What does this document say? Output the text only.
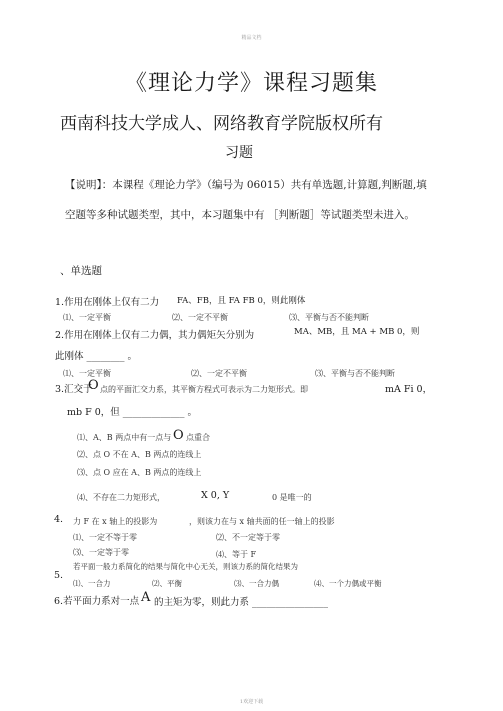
精品文档
《理论力学》课程习题集
西南科技大学成人、网络教育学院版权所有
习题
【说明】：本课程《理论力学》（编号为 06015）共有单选题,计算题,判断题,填
空题等多种试题类型，其中，本习题集中有 ［判断题］等试题类型未进入。
、单选题
1.作用在刚体上仅有二力 FA、FB，且 FA FB 0，则此刚体
⑴、一定平衡	⑵、一定不平衡	⑶、平衡与否不能判断
2.作用在刚体上仅有二力偶，其力偶矩矢分别为	MA、MB，且 MA + MB 0，则
此刚体 ________ 。
⑴、一定平衡	⑵、一定不平衡	⑶、平衡与否不能判断
3.汇交于
O 点的平面汇交力系，其平衡方程式可表示为二力矩形式。即	mA Fi 0，
mb F 0，但 _____________ 。
⑴、A、B 两点中有一点与 O 点重合
⑵、点 O 不在 A、B 两点的连线上
⑶、点 O 应在 A、B 两点的连线上
⑷、不存在二力矩形式，	X 0, Y	0 是唯一的
4. 力 F 在 x 轴上的投影为	，则该力在与 x 轴共面的任一轴上的投影
⑴、一定不等于零	⑵、不一定等于零
⑶、一定等于零	⑷、等于 F
5.
若平面一般力系简化的结果与简化中心无关，则该力系的简化结果为
⑴、一合力	⑵、平衡	⑶、一合力偶	⑷、一个力偶或平衡
6.若平面力系对一点 A 的主矩为零，则此力系 ________________
1欢迎下载
